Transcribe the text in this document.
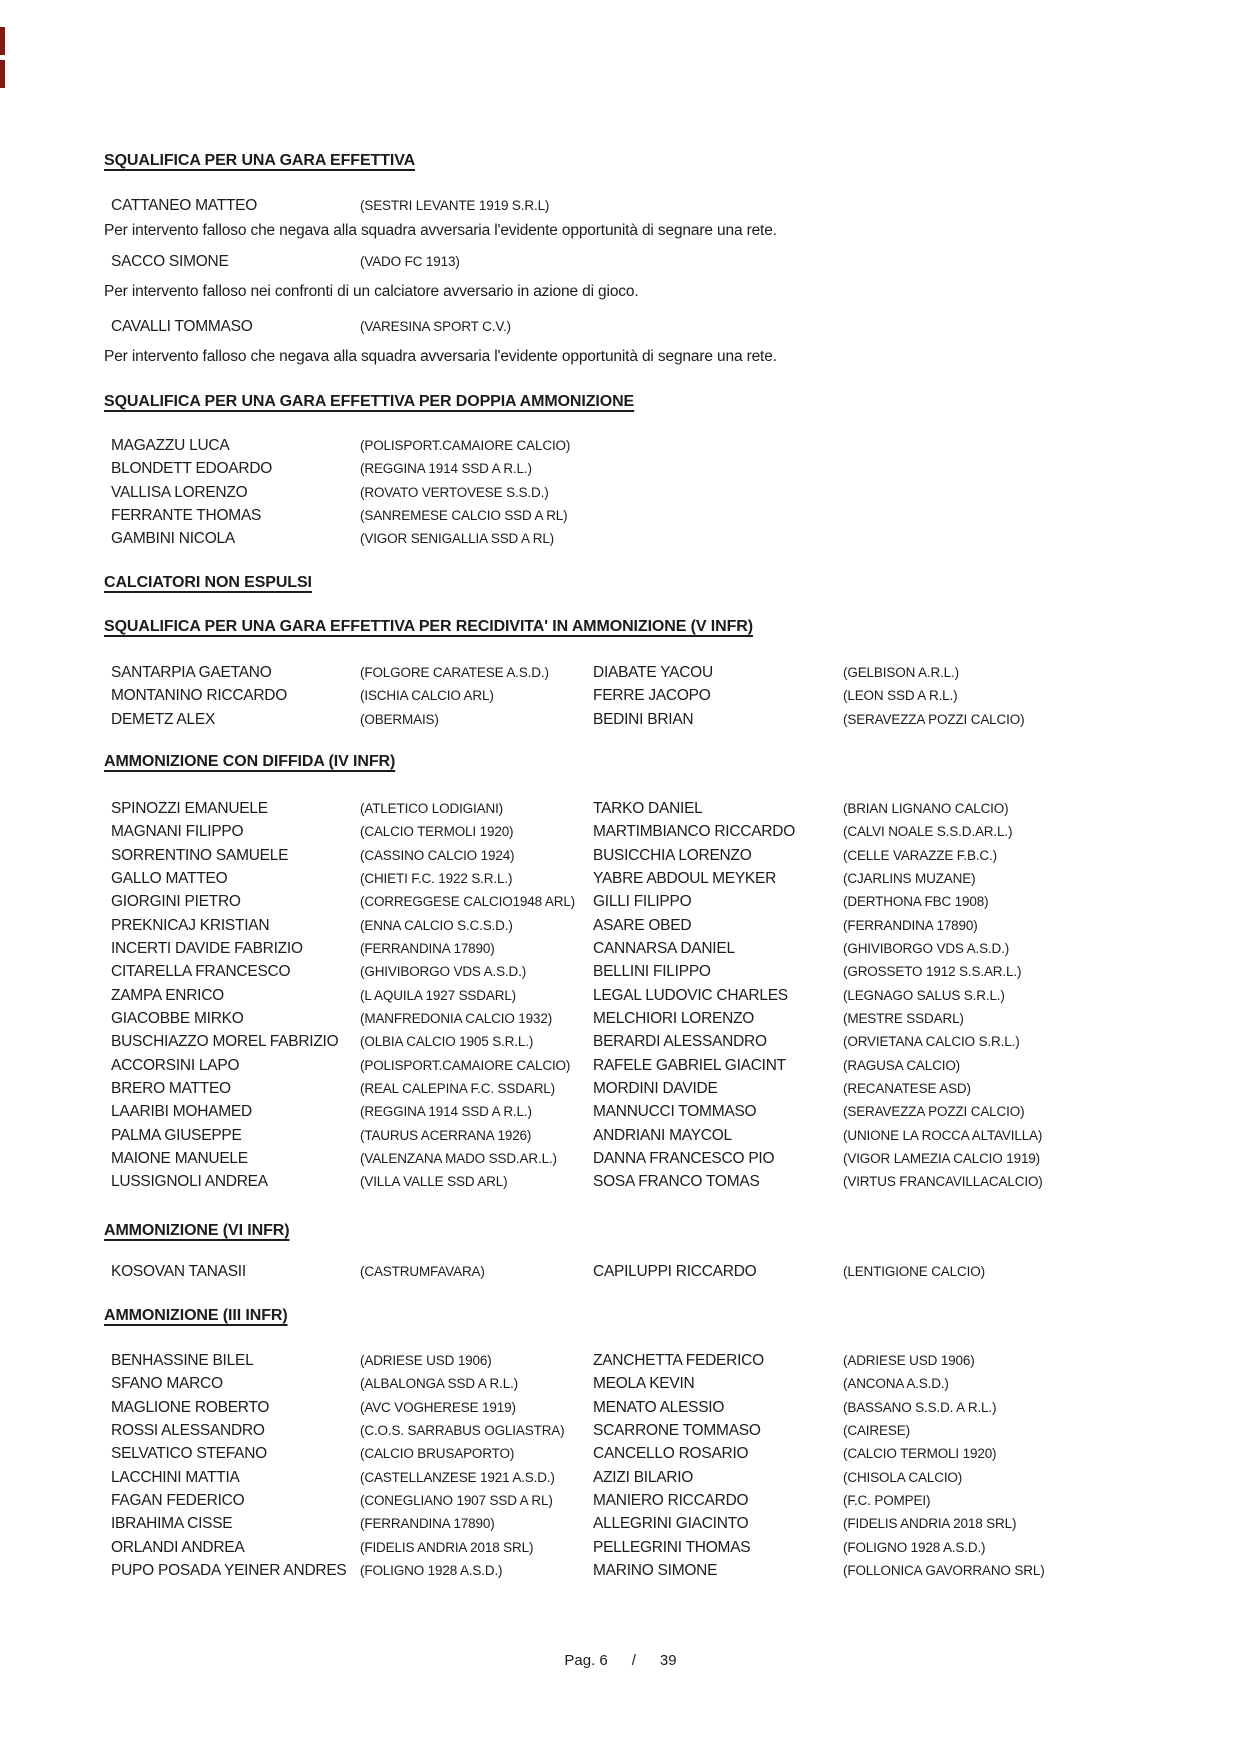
SQUALIFICA PER UNA GARA EFFETTIVA
CATTANEO MATTEO	(SESTRI LEVANTE 1919 S.R.L)
Per intervento falloso che negava alla squadra avversaria l'evidente opportunità di segnare una rete.
SACCO SIMONE	(VADO FC 1913)
Per intervento falloso nei confronti di un calciatore avversario in azione di gioco.
CAVALLI TOMMASO	(VARESINA SPORT C.V.)
Per intervento falloso che negava alla squadra avversaria l'evidente opportunità di segnare una rete.
SQUALIFICA PER UNA GARA EFFETTIVA PER DOPPIA AMMONIZIONE
MAGAZZU LUCA	(POLISPORT.CAMAIORE CALCIO)
BLONDETT EDOARDO	(REGGINA 1914 SSD A R.L.)
VALLISA LORENZO	(ROVATO VERTOVESE S.S.D.)
FERRANTE THOMAS	(SANREMESE CALCIO SSD A RL)
GAMBINI NICOLA	(VIGOR SENIGALLIA SSD A RL)
CALCIATORI NON ESPULSI
SQUALIFICA PER UNA GARA EFFETTIVA PER RECIDIVITA' IN AMMONIZIONE (V INFR)
SANTARPIA GAETANO	(FOLGORE CARATESE A.S.D.)	DIABATE YACOU	(GELBISON A.R.L.)
MONTANINO RICCARDO	(ISCHIA CALCIO ARL)	FERRE JACOPO	(LEON SSD A R.L.)
DEMETZ ALEX	(OBERMAIS)	BEDINI BRIAN	(SERAVEZZA POZZI CALCIO)
AMMONIZIONE CON DIFFIDA (IV INFR)
SPINOZZI EMANUELE	(ATLETICO LODIGIANI)	TARKO DANIEL	(BRIAN LIGNANO CALCIO)
MAGNANI FILIPPO	(CALCIO TERMOLI 1920)	MARTIMBIANCO RICCARDO	(CALVI NOALE S.S.D.AR.L.)
SORRENTINO SAMUELE	(CASSINO CALCIO 1924)	BUSICCHIA LORENZO	(CELLE VARAZZE F.B.C.)
GALLO MATTEO	(CHIETI F.C. 1922 S.R.L.)	YABRE ABDOUL MEYKER	(CJARLINS MUZANE)
GIORGINI PIETRO	(CORREGGESE CALCIO1948 ARL)	GILLI FILIPPO	(DERTHONA FBC 1908)
PREKNICAJ KRISTIAN	(ENNA CALCIO S.C.S.D.)	ASARE OBED	(FERRANDINA 17890)
INCERTI DAVIDE FABRIZIO	(FERRANDINA 17890)	CANNARSA DANIEL	(GHIVIBORGO VDS A.S.D.)
CITARELLA FRANCESCO	(GHIVIBORGO VDS A.S.D.)	BELLINI FILIPPO	(GROSSETO 1912 S.S.AR.L.)
ZAMPA ENRICO	(L AQUILA 1927 SSDARL)	LEGAL LUDOVIC CHARLES	(LEGNAGO SALUS S.R.L.)
GIACOBBE MIRKO	(MANFREDONIA CALCIO 1932)	MELCHIORI LORENZO	(MESTRE SSDARL)
BUSCHIAZZO MOREL FABRIZIO	(OLBIA CALCIO 1905 S.R.L.)	BERARDI ALESSANDRO	(ORVIETANA CALCIO S.R.L.)
ACCORSINI LAPO	(POLISPORT.CAMAIORE CALCIO)	RAFELE GABRIEL GIACINT	(RAGUSA CALCIO)
BRERO MATTEO	(REAL CALEPINA F.C. SSDARL)	MORDINI DAVIDE	(RECANATESE ASD)
LAARIBI MOHAMED	(REGGINA 1914 SSD A R.L.)	MANNUCCI TOMMASO	(SERAVEZZA POZZI CALCIO)
PALMA GIUSEPPE	(TAURUS ACERRANA 1926)	ANDRIANI MAYCOL	(UNIONE LA ROCCA ALTAVILLA)
MAIONE MANUELE	(VALENZANA MADO SSD.AR.L.)	DANNA FRANCESCO PIO	(VIGOR LAMEZIA CALCIO 1919)
LUSSIGNOLI ANDREA	(VILLA VALLE SSD ARL)	SOSA FRANCO TOMAS	(VIRTUS FRANCAVILLACALCIO)
AMMONIZIONE (VI INFR)
KOSOVAN TANASII	(CASTRUMFAVARA)	CAPILUPPI RICCARDO	(LENTIGIONE CALCIO)
AMMONIZIONE (III INFR)
BENHASSINE BILEL	(ADRIESE USD 1906)	ZANCHETTA FEDERICO	(ADRIESE USD 1906)
SFANO MARCO	(ALBALONGA SSD A R.L.)	MEOLA KEVIN	(ANCONA A.S.D.)
MAGLIONE ROBERTO	(AVC VOGHERESE 1919)	MENATO ALESSIO	(BASSANO S.S.D. A R.L.)
ROSSI ALESSANDRO	(C.O.S. SARRABUS OGLIASTRA)	SCARRONE TOMMASO	(CAIRESE)
SELVATICO STEFANO	(CALCIO BRUSAPORTO)	CANCELLO ROSARIO	(CALCIO TERMOLI 1920)
LACCHINI MATTIA	(CASTELLANZESE 1921 A.S.D.)	AZIZI BILARIO	(CHISOLA CALCIO)
FAGAN FEDERICO	(CONEGLIANO 1907 SSD A RL)	MANIERO RICCARDO	(F.C. POMPEI)
IBRAHIMA CISSE	(FERRANDINA 17890)	ALLEGRINI GIACINTO	(FIDELIS ANDRIA 2018 SRL)
ORLANDI ANDREA	(FIDELIS ANDRIA 2018 SRL)	PELLEGRINI THOMAS	(FOLIGNO 1928 A.S.D.)
PUPO POSADA YEINER ANDRES (FOLIGNO 1928 A.S.D.)	MARINO SIMONE	(FOLLONICA GAVORRANO SRL)
Pag. 6 / 39
